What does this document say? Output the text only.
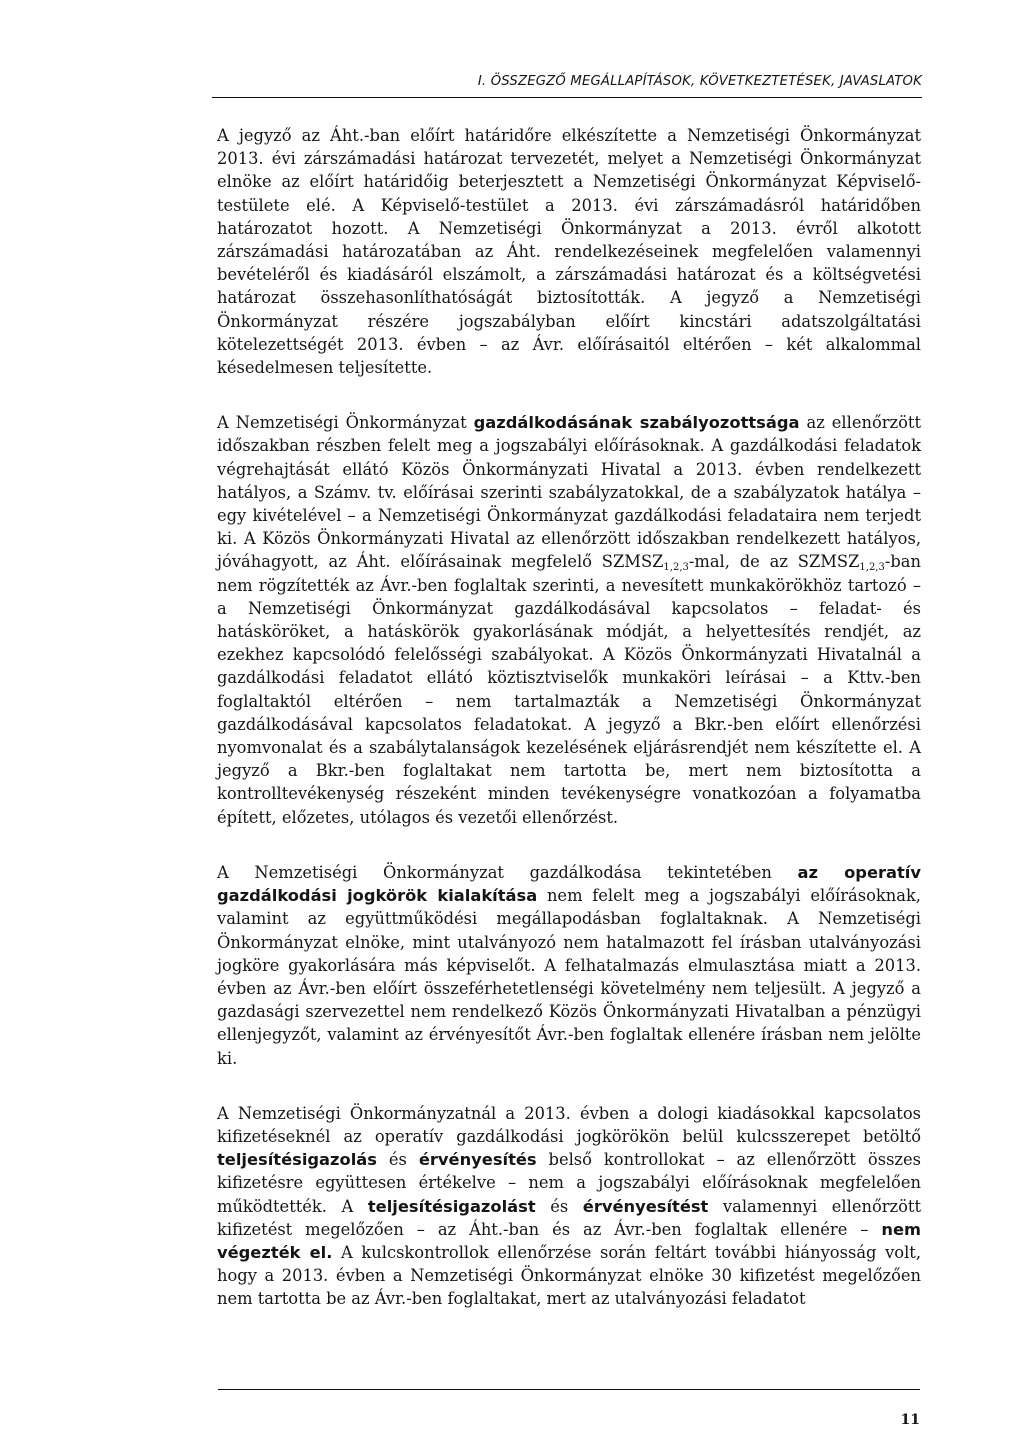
I. ÖSSZEGZŐ MEGÁLLAPÍTÁSOK, KÖVETKEZTETÉSEK, JAVASLATOK

A jegyző az Áht.-ban előírt határidőre elkészítette a Nemzetiségi Önkormányzat 2013. évi zárszámadási határozat tervezetét, melyet a Nemzetiségi Önkormányzat elnöke az előírt határidőig beterjesztett a Nemzetiségi Önkormányzat Képviselő-testülete elé. A Képviselő-testület a 2013. évi zárszámadásról határidőben határozatot hozott. A Nemzetiségi Önkormányzat a 2013. évről alkotott zárszámadási határozatában az Áht. rendelkezéseinek megfelelően valamennyi bevételéről és kiadásáról elszámolt, a zárszámadási határozat és a költségvetési határozat összehasonlíthatóságát biztosították. A jegyző a Nemzetiségi Önkormányzat részére jogszabályban előírt kincstári adatszolgáltatási kötelezettségét 2013. évben – az Ávr. előírásaitól eltérően – két alkalommal késedelmesen teljesítette.

A Nemzetiségi Önkormányzat gazdálkodásának szabályozottsága az ellenőrzött időszakban részben felelt meg a jogszabályi előírásoknak. A gazdálkodási feladatok végrehajtását ellátó Közös Önkormányzati Hivatal a 2013. évben rendelkezett hatályos, a Számv. tv. előírásai szerinti szabályzatokkal, de a szabályzatok hatálya – egy kivételével – a Nemzetiségi Önkormányzat gazdálkodási feladataira nem terjedt ki. A Közös Önkormányzati Hivatal az ellenőrzött időszakban rendelkezett hatályos, jóváhagyott, az Áht. előírásainak megfelelő $SZMSZ_{1,2,3}$-mal, de az $SZMSZ_{1,2,3}$-ban nem rögzítették az Ávr.-ben foglaltak szerinti, a nevesített munkakörökhöz tartozó – a Nemzetiségi Önkormányzat gazdálkodásával kapcsolatos – feladat- és hatásköröket, a hatáskörök gyakorlásának módját, a helyettesítés rendjét, az ezekhez kapcsolódó felelősségi szabályokat. A Közös Önkormányzati Hivatalnál a gazdálkodási feladatot ellátó köztisztviselők munkaköri leírásai – a Kttv.-ben foglaltaktól eltérően – nem tartalmazták a Nemzetiségi Önkormányzat gazdálkodásával kapcsolatos feladatokat. A jegyző a Bkr.-ben előírt ellenőrzési nyomvonalat és a szabálytalanságok kezelésének eljárásrendjét nem készítette el. A jegyző a Bkr.-ben foglaltakat nem tartotta be, mert nem biztosította a kontrolltevékenység részeként minden tevékenységre vonatkozóan a folyamatba épített, előzetes, utólagos és vezetői ellenőrzést.

A Nemzetiségi Önkormányzat gazdálkodása tekintetében az operatív gazdálkodási jogkörök kialakítása nem felelt meg a jogszabályi előírásoknak, valamint az együttműködési megállapodásban foglaltaknak. A Nemzetiségi Önkormányzat elnöke, mint utalványozó nem hatalmazott fel írásban utalványozási jogköre gyakorlására más képviselőt. A felhatalmazás elmulasztása miatt a 2013. évben az Ávr.-ben előírt összeférhetetlenségi követelmény nem teljesült. A jegyző a gazdasági szervezettel nem rendelkező Közös Önkormányzati Hivatalban a pénzügyi ellenjegyzőt, valamint az érvényesítőt Ávr.-ben foglaltak ellenére írásban nem jelölte ki.

A Nemzetiségi Önkormányzatnál a 2013. évben a dologi kiadásokkal kapcsolatos kifizetéseknél az operatív gazdálkodási jogkörökön belül kulcsszerepet betöltő teljesítésigazolás és érvényesítés belső kontrollokat – az ellenőrzött összes kifizetésre együttesen értékelve – nem a jogszabályi előírásoknak megfelelően működtették. A teljesítésigazolást és érvényesítést valamennyi ellenőrzött kifizetést megelőzően – az Áht.-ban és az Ávr.-ben foglaltak ellenére – nem végezték el. A kulcskontrollok ellenőrzése során feltárt további hiányosság volt, hogy a 2013. évben a Nemzetiségi Önkormányzat elnöke 30 kifizetést megelőzően nem tartotta be az Ávr.-ben foglaltakat, mert az utalványozási feladatot

11
